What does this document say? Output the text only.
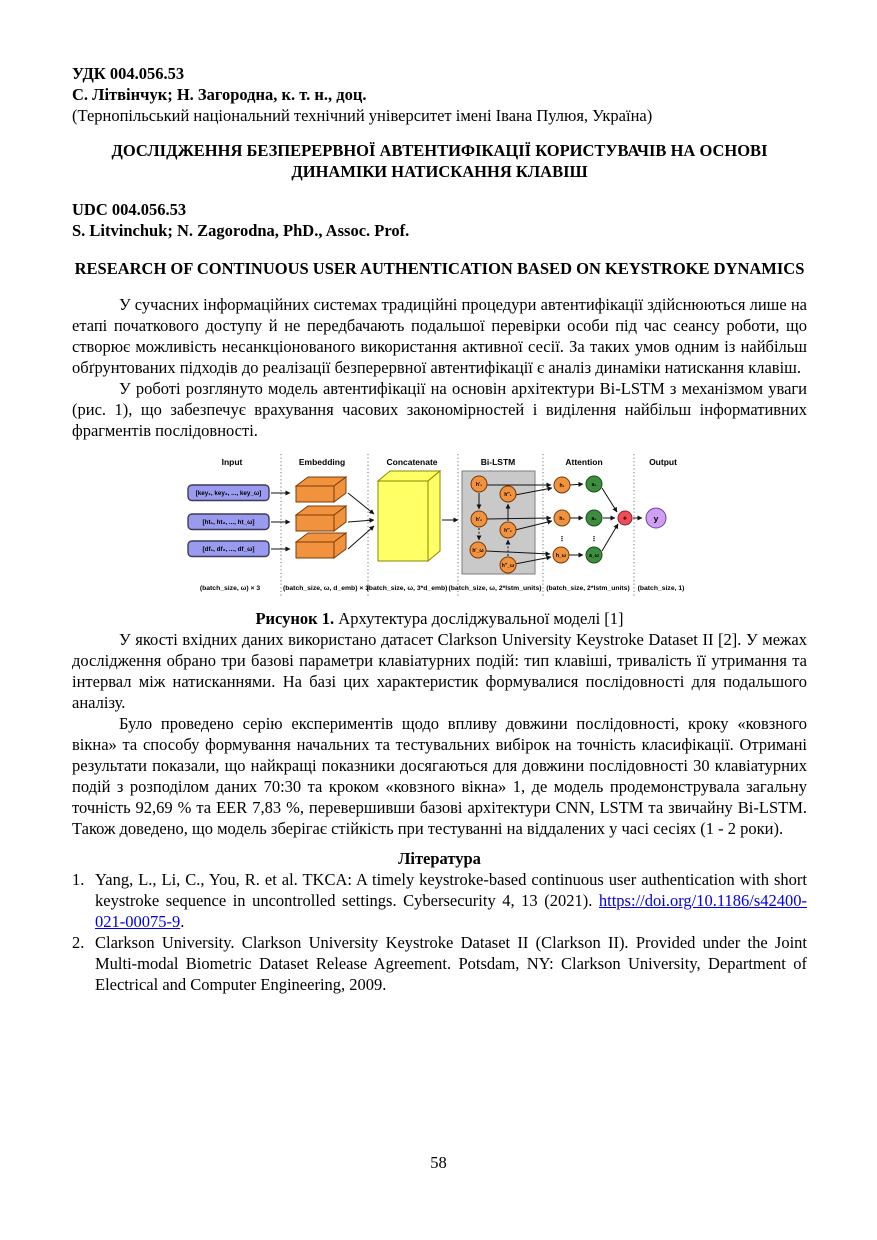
УДК 004.056.53
С. Літвінчук; Н. Загородна, к. т. н., доц.
(Тернопільський національний технічний університет імені Івана Пулюя, Україна)
ДОСЛІДЖЕННЯ БЕЗПЕРЕРВНОЇ АВТЕНТИФІКАЦІЇ КОРИСТУВАЧІВ НА ОСНОВІ ДИНАМІКИ НАТИСКАННЯ КЛАВІШ
UDC 004.056.53
S. Litvinchuk; N. Zagorodna, PhD., Assoc. Prof.
RESEARCH OF CONTINUOUS USER AUTHENTICATION BASED ON KEYSTROKE DYNAMICS

У сучасних інформаційних системах традиційні процедури автентифікації здійснюються лише на етапі початкового доступу й не передбачають подальшої перевірки особи під час сеансу роботи, що створює можливість несанкціонованого використання активної сесії. За таких умов одним із найбільш обґрунтованих підходів до реалізації безперервної автентифікації є аналіз динаміки натискання клавіш.

У роботі розглянуто модель автентифікації на основін архітектури Bi-LSTM з механізмом уваги (рис. 1), що забезпечує врахування часових закономірностей і виділення найбільш інформативних фрагментів послідовності.

Input	Embedding	Concatenate	Bi-LSTM	Attention	Output
[key₁, key₂, ..., key_ω]
[ht₁, ht₂, ..., ht_ω]
[df₁, df₂, ..., df_ω]
h'₁
h'₂
h'_ω
h″₁
h″₂
h″_ω
h₁
h₂
h_ω
a₁
a₂
a_ω
⋮	⋮
+	y
(batch_size, ω) × 3	(batch_size, ω, d_emb) × 3
(batch_size, ω, 3*d_emb) (batch_size, ω, 2*lstm_units) (batch_size, 2*lstm_units) (batch_size, 1)
Рисунок 1. Архутектура досліджувальної моделі [1]

У якості вхідних даних використано датасет Clarkson University Keystroke Dataset II [2]. У межах дослідження обрано три базові параметри клавіатурних подій: тип клавіші, тривалість її утримання та інтервал між натисканнями. На базі цих характеристик формувалися послідовності для подальшого аналізу.

Було проведено серію експериментів щодо впливу довжини послідовності, кроку «ковзного вікна» та способу формування начальних та тестувальних вибірок на точність класифікації. Отримані результати показали, що найкращі показники досягаються для довжини послідовності 30 клавіатурних подій з розподілом даних 70:30 та кроком «ковзного вікна» 1, де модель продемонструвала загальну точність 92,69 % та EER 7,83 %, перевершивши базові архітектури CNN, LSTM та звичайну Bi-LSTM. Також доведено, що модель зберігає стійкість при тестуванні на віддалених у часі сесіях (1 - 2 роки).

Література
1. Yang, L., Li, C., You, R. et al. TKCA: A timely keystroke-based continuous user authentication with short keystroke sequence in uncontrolled settings. Cybersecurity 4, 13 (2021). https://doi.org/10.1186/s42400-021-00075-9.
2. Clarkson University. Clarkson University Keystroke Dataset II (Clarkson II). Provided under the Joint Multi-modal Biometric Dataset Release Agreement. Potsdam, NY: Clarkson University, Department of Electrical and Computer Engineering, 2009.
58
